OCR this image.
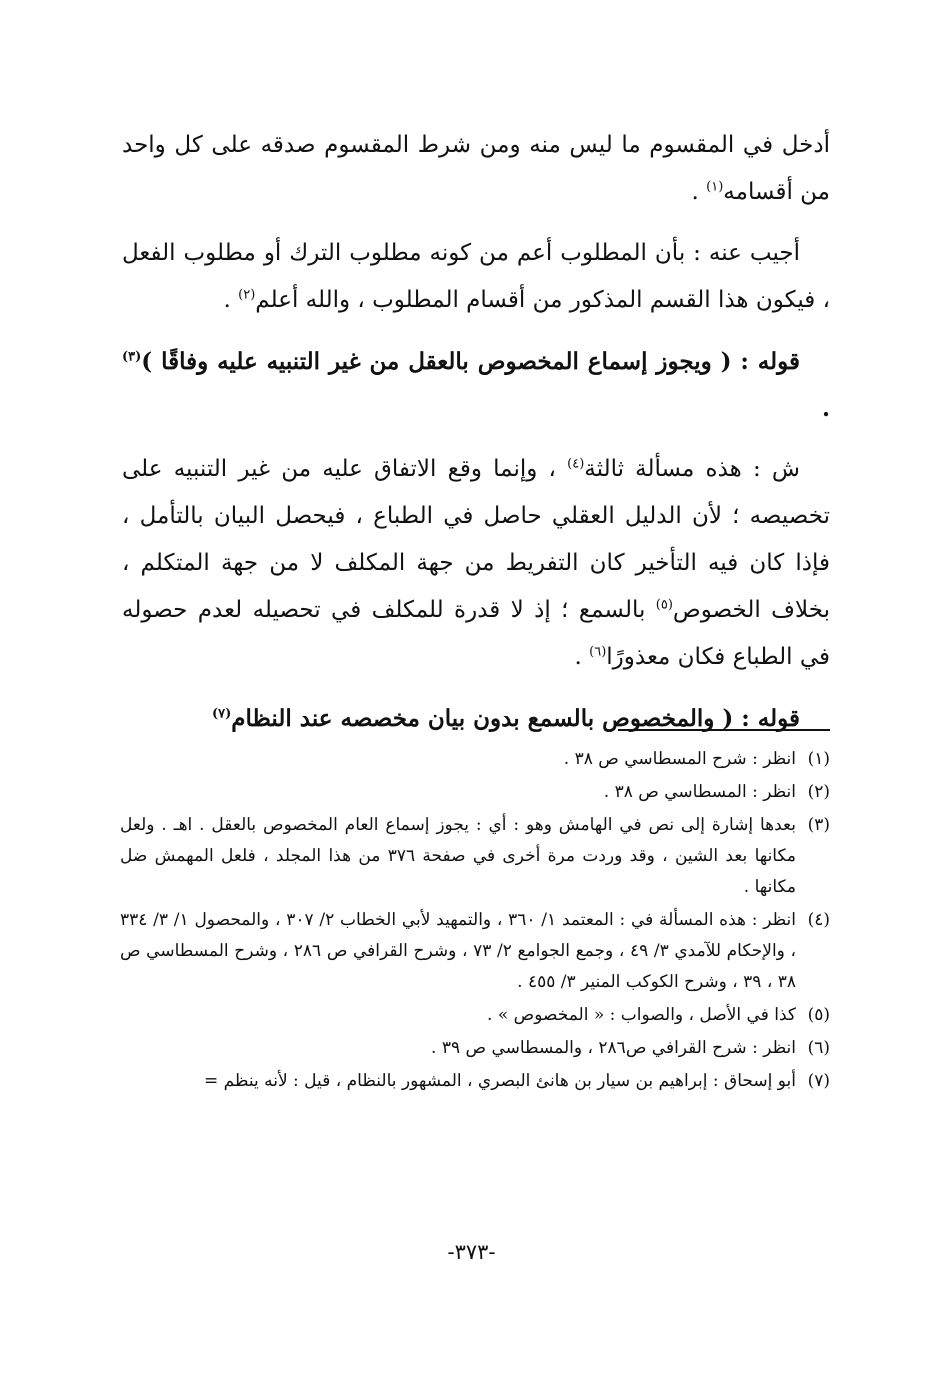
أدخل في المقسوم ما ليس منه ومن شرط المقسوم صدقه على كل واحد من أقسامه$^{(١)}$ .

أجيب عنه : بأن المطلوب أعم من كونه مطلوب الترك أو مطلوب الفعل ، فيكون هذا القسم المذكور من أقسام المطلوب ، والله أعلم$^{(٢)}$ .

قوله : ( ويجوز إسماع المخصوص بالعقل من غير التنبيه عليه وفاقًا )$^{(٣)}$ .

ش : هذه مسألة ثالثة$^{(٤)}$ ، وإنما وقع الاتفاق عليه من غير التنبيه على تخصيصه ؛ لأن الدليل العقلي حاصل في الطباع ، فيحصل البيان بالتأمل ، فإذا كان فيه التأخير كان التفريط من جهة المكلف لا من جهة المتكلم ، بخلاف الخصوص$^{(٥)}$ بالسمع ؛ إذ لا قدرة للمكلف في تحصيله لعدم حصوله في الطباع فكان معذورًا$^{(٦)}$ .

قوله : ( والمخصوص بالسمع بدون بيان مخصصه عند النظام$^{(٧)}$

(١)
انظر : شرح المسطاسي ص ٣٨ .
(٢)
انظر : المسطاسي ص ٣٨ .
(٣)
بعدها إشارة إلى نص في الهامش وهو : أي : يجوز إسماع العام المخصوص بالعقل . اهـ . ولعل مكانها بعد الشين ، وقد وردت مرة أخرى في صفحة ٣٧٦ من هذا المجلد ، فلعل المهمش ضل مكانها .
(٤)
انظر : هذه المسألة في : المعتمد ١/ ٣٦٠ ، والتمهيد لأبي الخطاب ٢/ ٣٠٧ ، والمحصول ١/ ٣/ ٣٣٤ ، والإحكام للآمدي ٣/ ٤٩ ، وجمع الجوامع ٢/ ٧٣ ، وشرح القرافي ص ٢٨٦ ، وشرح المسطاسي ص ٣٨ ، ٣٩ ، وشرح الكوكب المنير ٣/ ٤٥٥ .
(٥)
كذا في الأصل ، والصواب : « المخصوص » .
(٦)
انظر : شرح القرافي ص٢٨٦ ، والمسطاسي ص ٣٩ .
(٧)
أبو إسحاق : إبراهيم بن سيار بن هانئ البصري ، المشهور بالنظام ، قيل : لأنه ينظم =
-٣٧٣-
